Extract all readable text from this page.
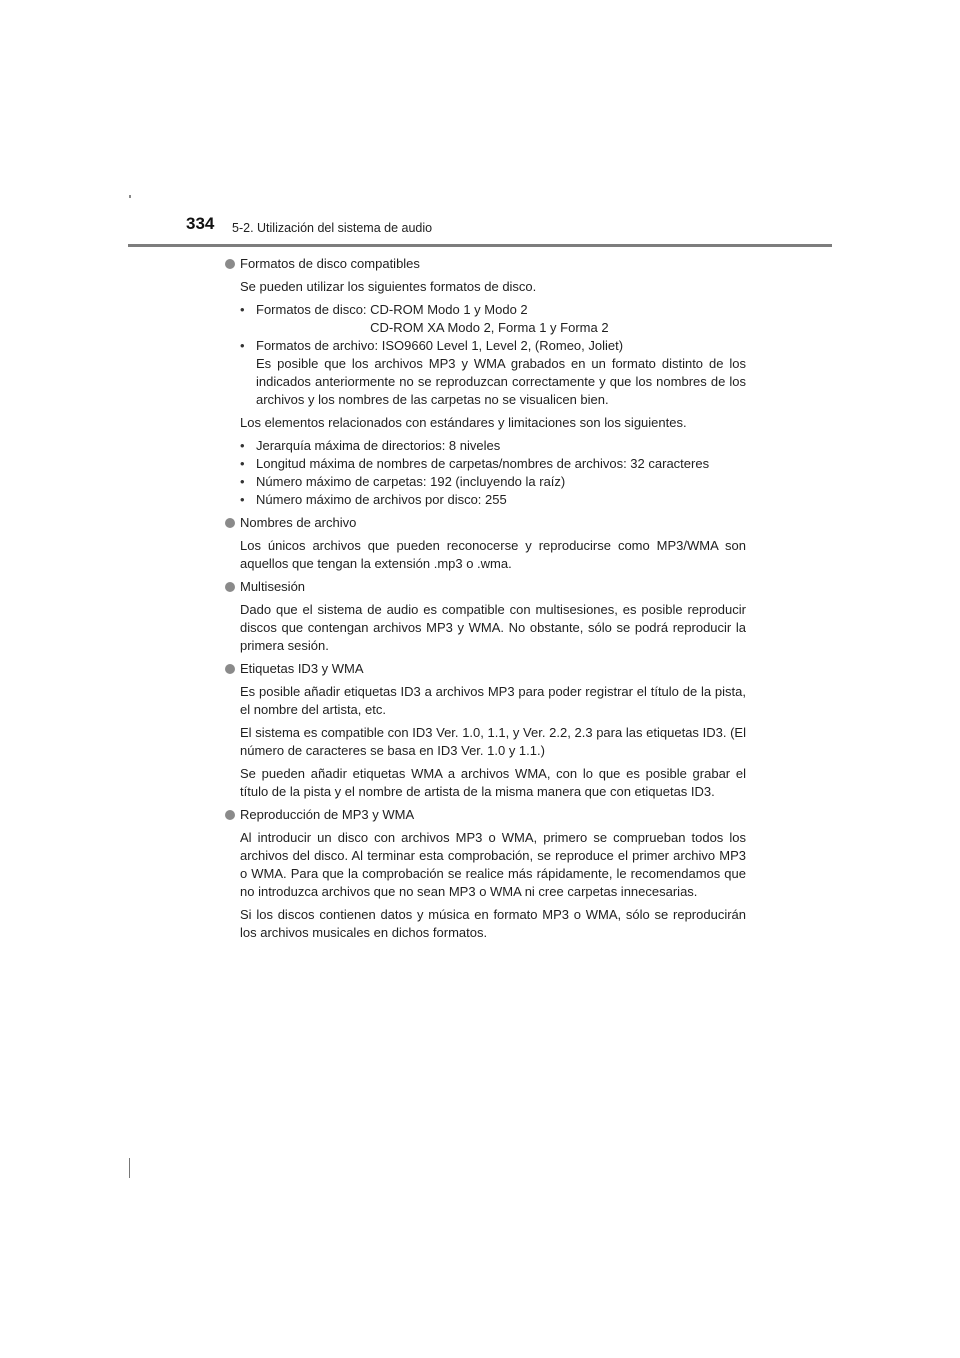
334 5-2. Utilización del sistema de audio
Formatos de disco compatibles

Se pueden utilizar los siguientes formatos de disco.

• Formatos de disco: CD-ROM Modo 1 y Modo 2
CD-ROM XA Modo 2, Forma 1 y Forma 2
• Formatos de archivo: ISO9660 Level 1, Level 2, (Romeo, Joliet)
Es posible que los archivos MP3 y WMA grabados en un formato distinto de los indicados anteriormente no se reproduzcan correctamente y que los nombres de los archivos y los nombres de las carpetas no se visualicen bien.

Los elementos relacionados con estándares y limitaciones son los siguientes.

• Jerarquía máxima de directorios: 8 niveles
• Longitud máxima de nombres de carpetas/nombres de archivos: 32 caracteres
• Número máximo de carpetas: 192 (incluyendo la raíz)
• Número máximo de archivos por disco: 255
Nombres de archivo

Los únicos archivos que pueden reconocerse y reproducirse como MP3/WMA son aquellos que tengan la extensión .mp3 o .wma.

Multisesión

Dado que el sistema de audio es compatible con multisesiones, es posible reproducir discos que contengan archivos MP3 y WMA. No obstante, sólo se podrá reproducir la primera sesión.

Etiquetas ID3 y WMA

Es posible añadir etiquetas ID3 a archivos MP3 para poder registrar el título de la pista, el nombre del artista, etc.

El sistema es compatible con ID3 Ver. 1.0, 1.1, y Ver. 2.2, 2.3 para las etiquetas ID3. (El número de caracteres se basa en ID3 Ver. 1.0 y 1.1.)

Se pueden añadir etiquetas WMA a archivos WMA, con lo que es posible grabar el título de la pista y el nombre de artista de la misma manera que con etiquetas ID3.

Reproducción de MP3 y WMA

Al introducir un disco con archivos MP3 o WMA, primero se comprueban todos los archivos del disco. Al terminar esta comprobación, se reproduce el primer archivo MP3 o WMA. Para que la comprobación se realice más rápidamente, le recomendamos que no introduzca archivos que no sean MP3 o WMA ni cree carpetas innecesarias.

Si los discos contienen datos y música en formato MP3 o WMA, sólo se reproducirán los archivos musicales en dichos formatos.
